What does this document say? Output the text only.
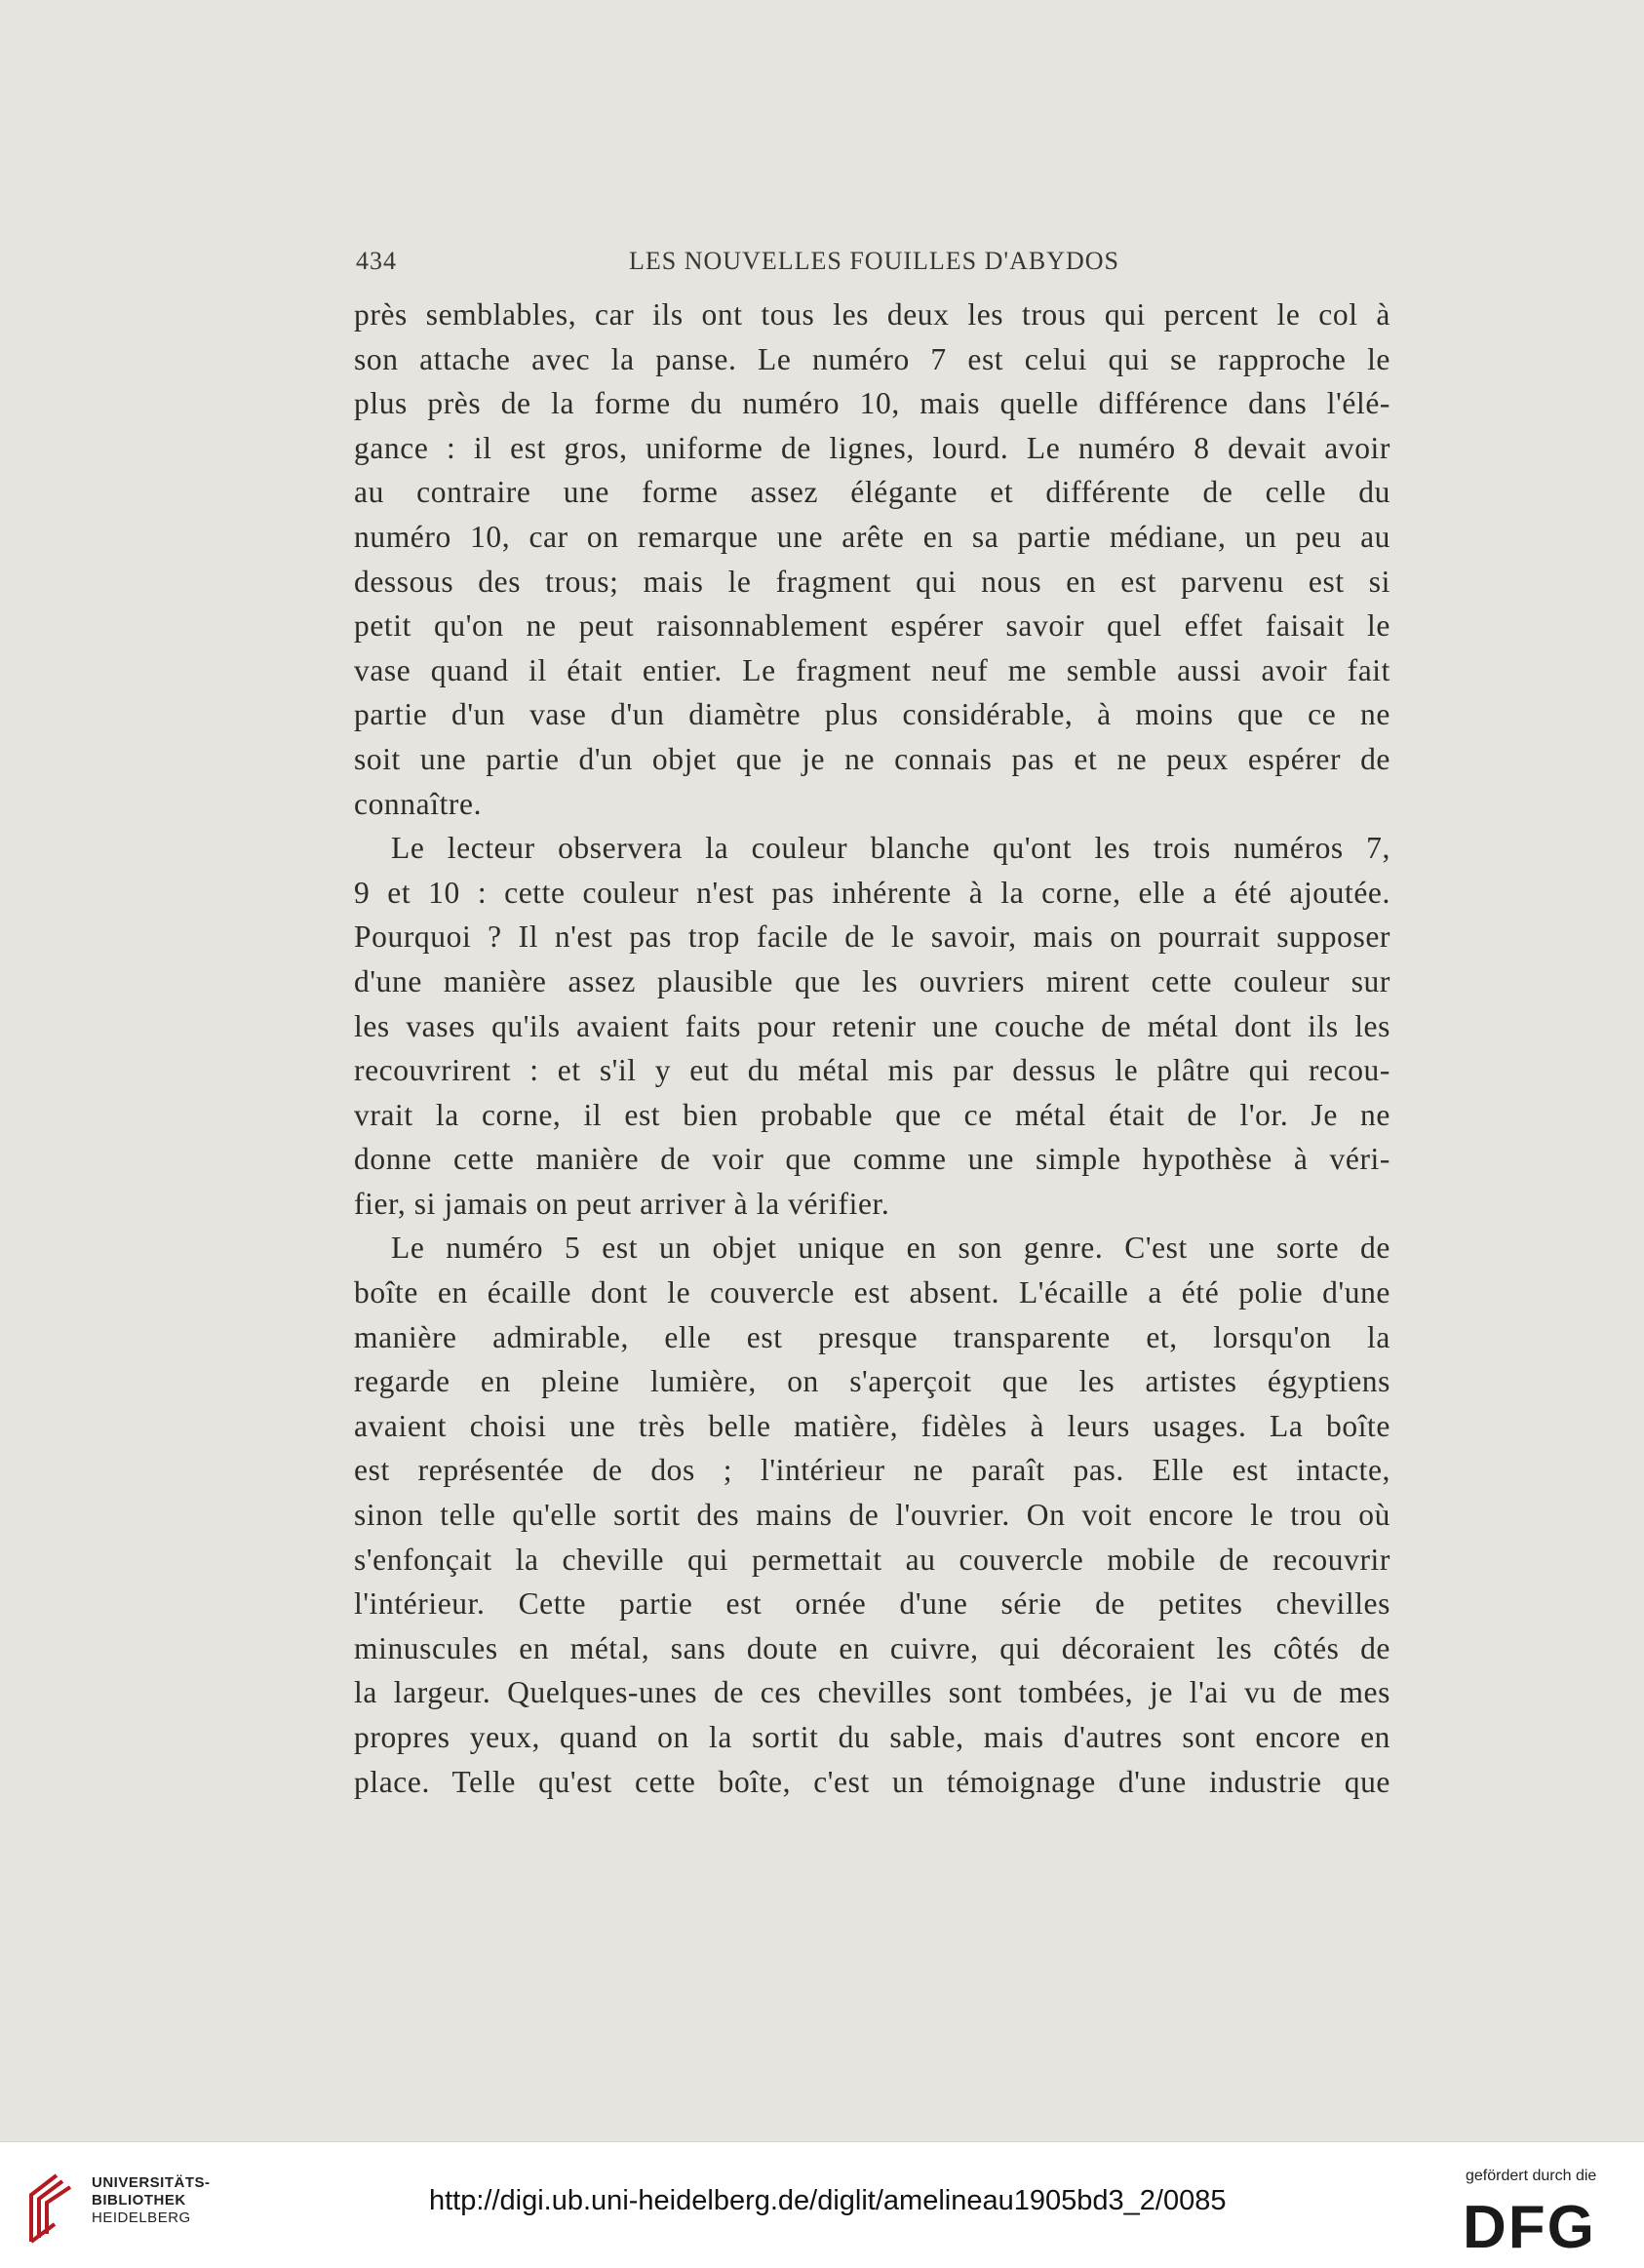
434	LES NOUVELLES FOUILLES D'ABYDOS

près semblables, car ils ont tous les deux les trous qui percent le col à
son attache avec la panse. Le numéro 7 est celui qui se rapproche le
plus près de la forme du numéro 10, mais quelle différence dans l'élé-
gance : il est gros, uniforme de lignes, lourd. Le numéro 8 devait avoir
au contraire une forme assez élégante et différente de celle du
numéro 10, car on remarque une arête en sa partie médiane, un peu au
dessous des trous; mais le fragment qui nous en est parvenu est si
petit qu'on ne peut raisonnablement espérer savoir quel effet faisait le
vase quand il était entier. Le fragment neuf me semble aussi avoir fait
partie d'un vase d'un diamètre plus considérable, à moins que ce ne
soit une partie d'un objet que je ne connais pas et ne peux espérer de
connaître.

Le lecteur observera la couleur blanche qu'ont les trois numéros 7,
9 et 10 : cette couleur n'est pas inhérente à la corne, elle a été ajoutée.
Pourquoi ? Il n'est pas trop facile de le savoir, mais on pourrait supposer
d'une manière assez plausible que les ouvriers mirent cette couleur sur
les vases qu'ils avaient faits pour retenir une couche de métal dont ils les
recouvrirent : et s'il y eut du métal mis par dessus le plâtre qui recou-
vrait la corne, il est bien probable que ce métal était de l'or. Je ne
donne cette manière de voir que comme une simple hypothèse à véri-
fier, si jamais on peut arriver à la vérifier.

Le numéro 5 est un objet unique en son genre. C'est une sorte de
boîte en écaille dont le couvercle est absent. L'écaille a été polie d'une
manière admirable, elle est presque transparente et, lorsqu'on la
regarde en pleine lumière, on s'aperçoit que les artistes égyptiens
avaient choisi une très belle matière, fidèles à leurs usages. La boîte
est représentée de dos ; l'intérieur ne paraît pas. Elle est intacte,
sinon telle qu'elle sortit des mains de l'ouvrier. On voit encore le trou où
s'enfonçait la cheville qui permettait au couvercle mobile de recouvrir
l'intérieur. Cette partie est ornée d'une série de petites chevilles
minuscules en métal, sans doute en cuivre, qui décoraient les côtés de
la largeur. Quelques-unes de ces chevilles sont tombées, je l'ai vu de mes
propres yeux, quand on la sortit du sable, mais d'autres sont encore en
place. Telle qu'est cette boîte, c'est un témoignage d'une industrie que

UNIVERSITÄTS-
BIBLIOTHEK
HEIDELBERG
http://digi.ub.uni-heidelberg.de/diglit/amelineau1905bd3_2/0085
gefördert durch die
DFG
